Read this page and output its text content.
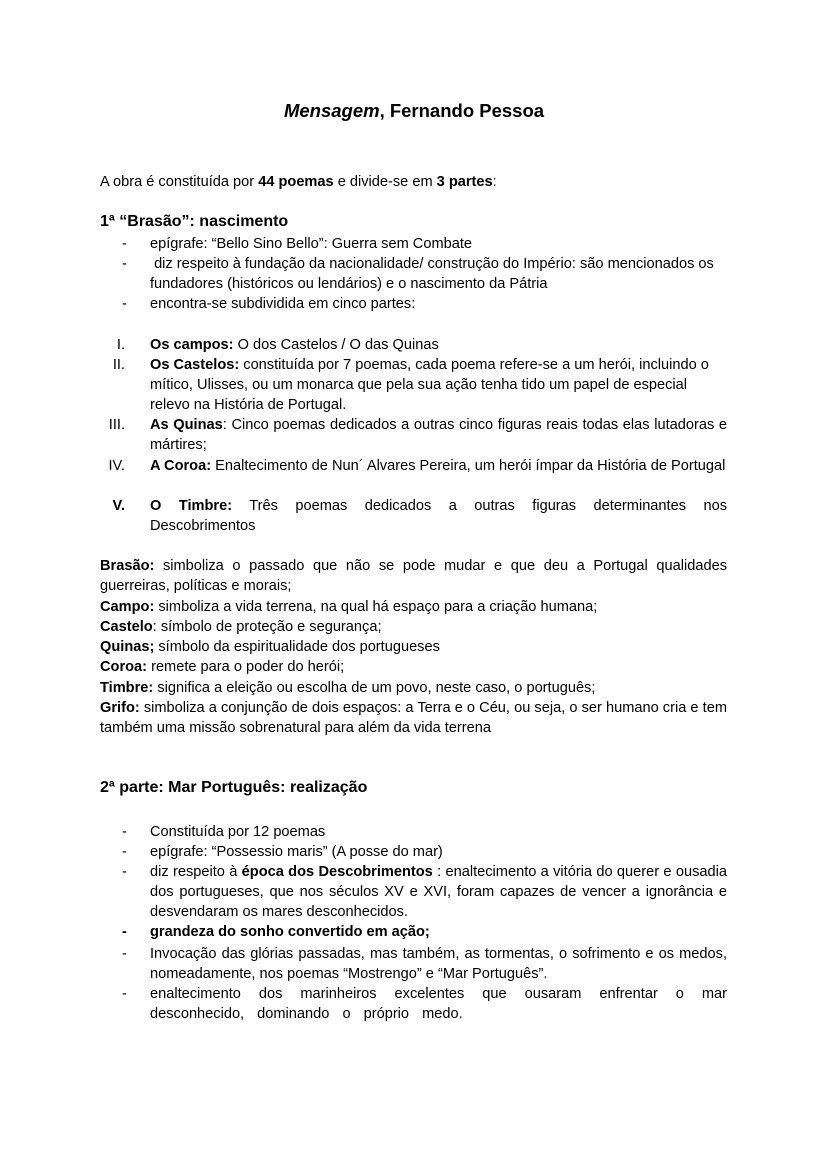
Mensagem, Fernando Pessoa

A obra é constituída por 44 poemas e divide-se em 3 partes:

1ª “Brasão”: nascimento

- epígrafe: “Bello Sino Bello”: Guerra sem Combate

- diz respeito à fundação da nacionalidade/ construção do Império: são mencionados os fundadores (históricos ou lendários) e o nascimento da Pátria

- encontra-se subdividida em cinco partes:

I. Os campos: O dos Castelos / O das Quinas

II. Os Castelos: constituída por 7 poemas, cada poema refere-se a um herói, incluindo o mítico, Ulisses, ou um monarca que pela sua ação tenha tido um papel de especial relevo na História de Portugal.

III. As Quinas: Cinco poemas dedicados a outras cinco figuras reais todas elas lutadoras e mártires;

IV. A Coroa: Enaltecimento de Nun´ Alvares Pereira, um herói ímpar da História de Portugal

V. O Timbre: Três poemas dedicados a outras figuras determinantes nos Descobrimentos

Brasão: simboliza o passado que não se pode mudar e que deu a Portugal qualidades guerreiras, políticas e morais;

Campo: simboliza a vida terrena, na qual há espaço para a criação humana;

Castelo: símbolo de proteção e segurança;

Quinas; símbolo da espiritualidade dos portugueses

Coroa: remete para o poder do herói;

Timbre: significa a eleição ou escolha de um povo, neste caso, o português;

Grifo: simboliza a conjunção de dois espaços: a Terra e o Céu, ou seja, o ser humano cria e tem também uma missão sobrenatural para além da vida terrena

2ª parte: Mar Português: realização

- Constituída por 12 poemas

- epígrafe: “Possessio maris” (A posse do mar)

- diz respeito à época dos Descobrimentos : enaltecimento a vitória do querer e ousadia dos portugueses, que nos séculos XV e XVI, foram capazes de vencer a ignorância e desvendaram os mares desconhecidos.

- grandeza do sonho convertido em ação;

- Invocação das glórias passadas, mas também, as tormentas, o sofrimento e os medos, nomeadamente, nos poemas “Mostrengo” e “Mar Português”.

- enaltecimento dos marinheiros excelentes que ousaram enfrentar o mar desconhecido, dominando o próprio medo.
